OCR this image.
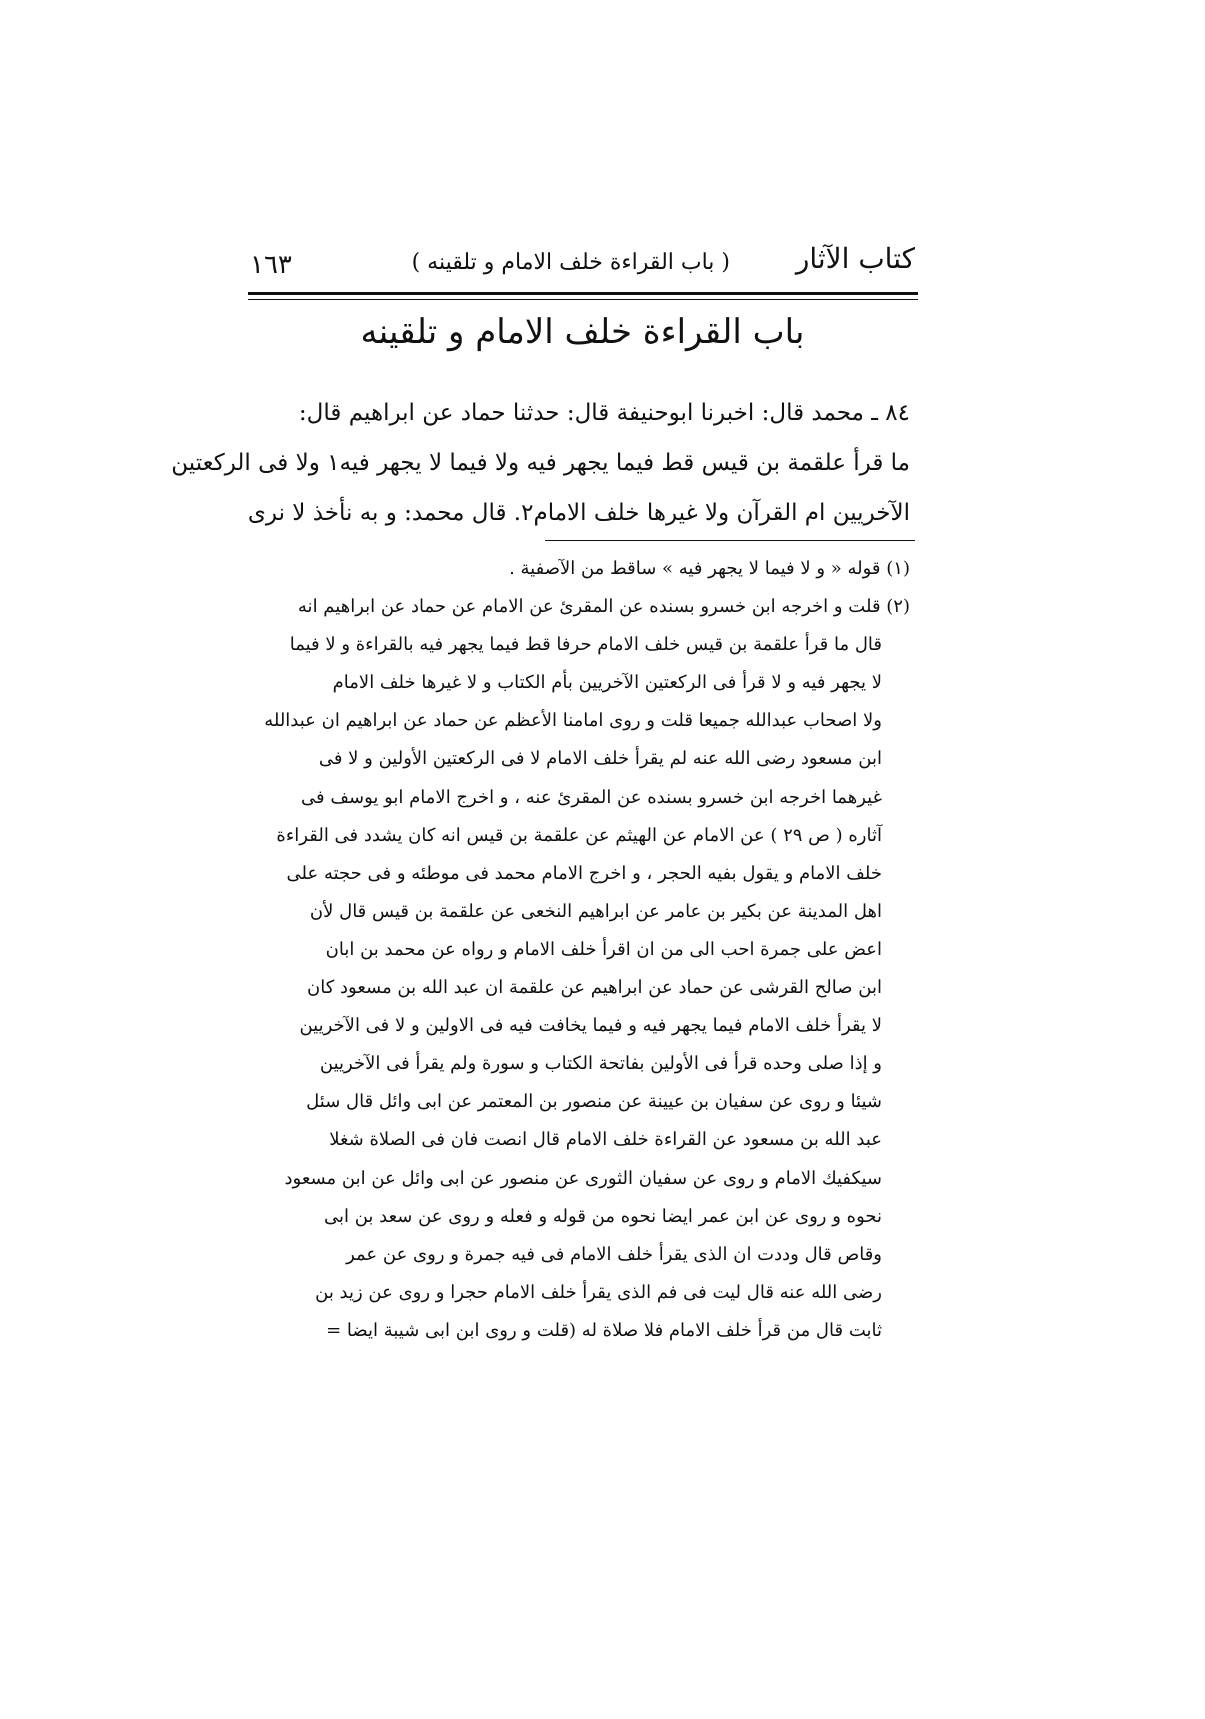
كتاب الآثار
( باب القراءة خلف الامام و تلقينه )
١٦٣
باب القراءة خلف الامام و تلقينه
٨٤ ـ محمد قال: اخبرنا ابوحنيفة قال: حدثنا حماد عن ابراهيم قال:
ما قرأ علقمة بن قيس قط فيما يجهر فيه ولا فيما لا يجهر فيه١ ولا فى الركعتين
الآخريين ام القرآن ولا غيرها خلف الامام٢. قال محمد: و به نأخذ لا نرى
(١) قوله « و لا فيما لا يجهر فيه » ساقط من الآصفية .
(٢) قلت و اخرجه ابن خسرو بسنده عن المقرئ عن الامام عن حماد عن ابراهيم انه
قال ما قرأ علقمة بن قيس خلف الامام حرفا قط فيما يجهر فيه بالقراءة و لا فيما
لا يجهر فيه و لا قرأ فى الركعتين الآخريين بأم الكتاب و لا غيرها خلف الامام
ولا اصحاب عبدالله جميعا قلت و روى امامنا الأعظم عن حماد عن ابراهيم ان عبدالله
ابن مسعود رضى الله عنه لم يقرأ خلف الامام لا فى الركعتين الأولين و لا فى
غيرهما اخرجه ابن خسرو بسنده عن المقرئ عنه ، و اخرج الامام ابو يوسف فى
آثاره ( ص ٢٩ ) عن الامام عن الهيثم عن علقمة بن قيس انه كان يشدد فى القراءة
خلف الامام و يقول بفيه الحجر ، و اخرج الامام محمد فى موطئه و فى حجته على
اهل المدينة عن بكير بن عامر عن ابراهيم النخعى عن علقمة بن قيس قال لأن
اعض على جمرة احب الى من ان اقرأ خلف الامام و رواه عن محمد بن ابان
ابن صالح القرشى عن حماد عن ابراهيم عن علقمة ان عبد الله بن مسعود كان
لا يقرأ خلف الامام فيما يجهر فيه و فيما يخافت فيه فى الاولين و لا فى الآخريين
و إذا صلى وحده قرأ فى الأولين بفاتحة الكتاب و سورة ولم يقرأ فى الآخريين
شيئا و روى عن سفيان بن عيينة عن منصور بن المعتمر عن ابى وائل قال سئل
عبد الله بن مسعود عن القراءة خلف الامام قال انصت فان فى الصلاة شغلا
سيكفيك الامام و روى عن سفيان الثورى عن منصور عن ابى وائل عن ابن مسعود
نحوه و روى عن ابن عمر ايضا نحوه من قوله و فعله و روى عن سعد بن ابى
وقاص قال وددت ان الذى يقرأ خلف الامام فى فيه جمرة و روى عن عمر
رضى الله عنه قال ليت فى فم الذى يقرأ خلف الامام حجرا و روى عن زيد بن
ثابت قال من قرأ خلف الامام فلا صلاة له (قلت و روى ابن ابى شيبة ايضا =
